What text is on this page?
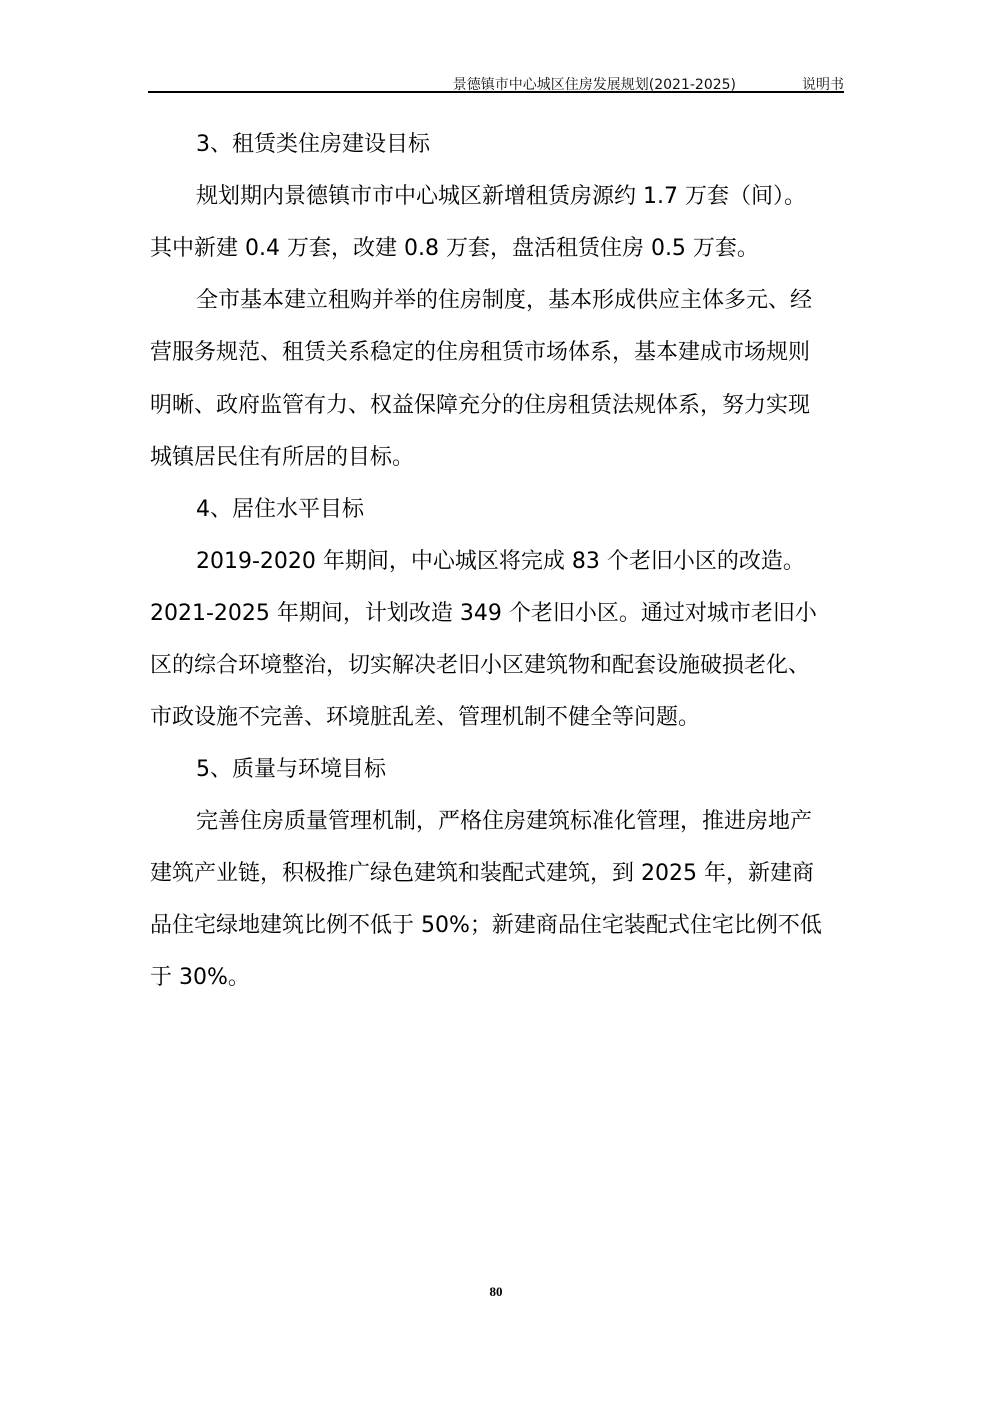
景德镇市中心城区住房发展规划(2021-2025)	说明书
3、租赁类住房建设目标
规划期内景德镇市市中心城区新增租赁房源约 1.7 万套（间）。
其中新建 0.4 万套，改建 0.8 万套，盘活租赁住房 0.5 万套。
全市基本建立租购并举的住房制度，基本形成供应主体多元、经
营服务规范、租赁关系稳定的住房租赁市场体系，基本建成市场规则
明晰、政府监管有力、权益保障充分的住房租赁法规体系，努力实现
城镇居民住有所居的目标。
4、居住水平目标
2019-2020 年期间，中心城区将完成 83 个老旧小区的改造。
2021-2025 年期间，计划改造 349 个老旧小区。通过对城市老旧小
区的综合环境整治，切实解决老旧小区建筑物和配套设施破损老化、
市政设施不完善、环境脏乱差、管理机制不健全等问题。
5、质量与环境目标
完善住房质量管理机制，严格住房建筑标准化管理，推进房地产
建筑产业链，积极推广绿色建筑和装配式建筑，到 2025 年，新建商
品住宅绿地建筑比例不低于 50%；新建商品住宅装配式住宅比例不低
于 30%。
80
